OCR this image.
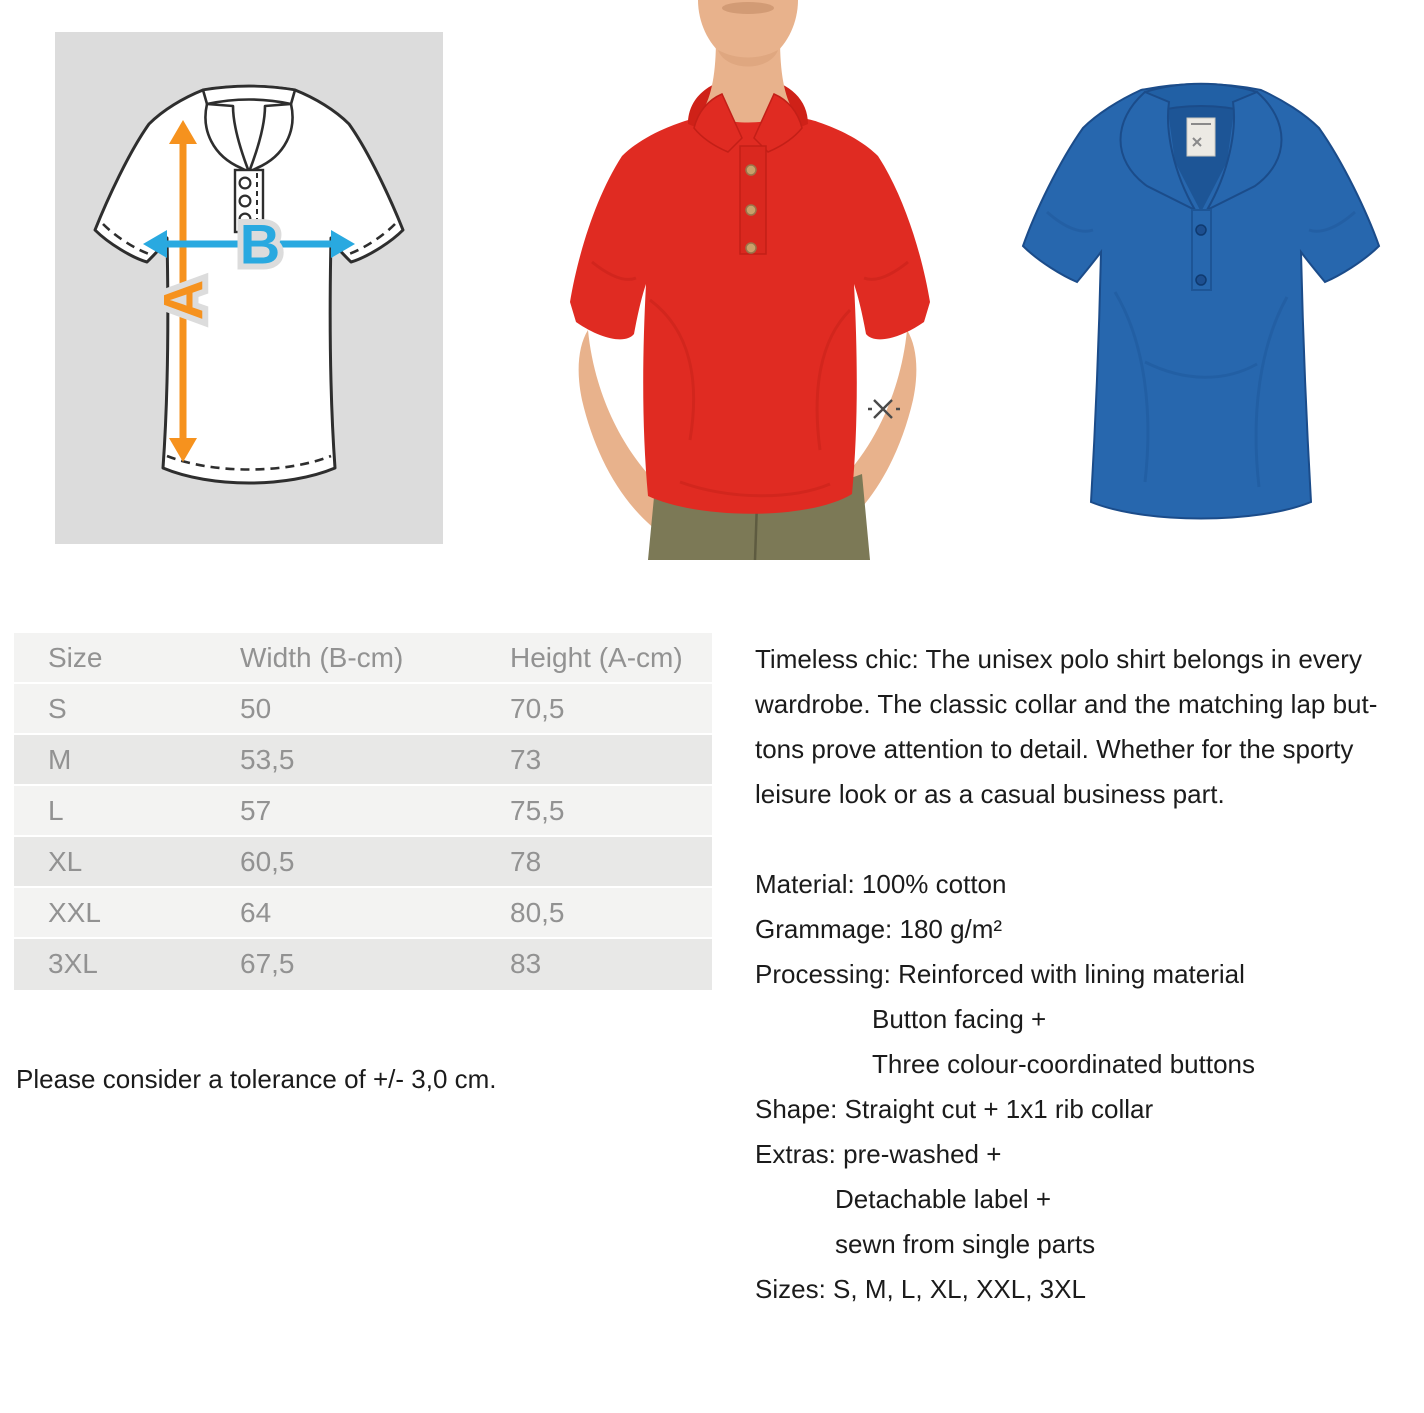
A
B
Size	Width (B-cm)	Height (A-cm)
S	50	70,5
M	53,5	73
L	57	75,5
XL	60,5	78
XXL	64	80,5
3XL	67,5	83
Please consider a tolerance of +/- 3,0 cm.

Timeless chic: The unisex polo shirt belongs in every

wardrobe. The classic collar and the matching lap but-

tons prove attention to detail. Whether for the sporty

leisure look or as a casual business part.

Material: 100% cotton

Grammage: 180 g/m²

Processing: Reinforced with lining material

Button facing +

Three colour-coordinated buttons

Shape: Straight cut + 1x1 rib collar

Extras: pre-washed +

Detachable label +

sewn from single parts

Sizes: S, M, L, XL, XXL, 3XL
